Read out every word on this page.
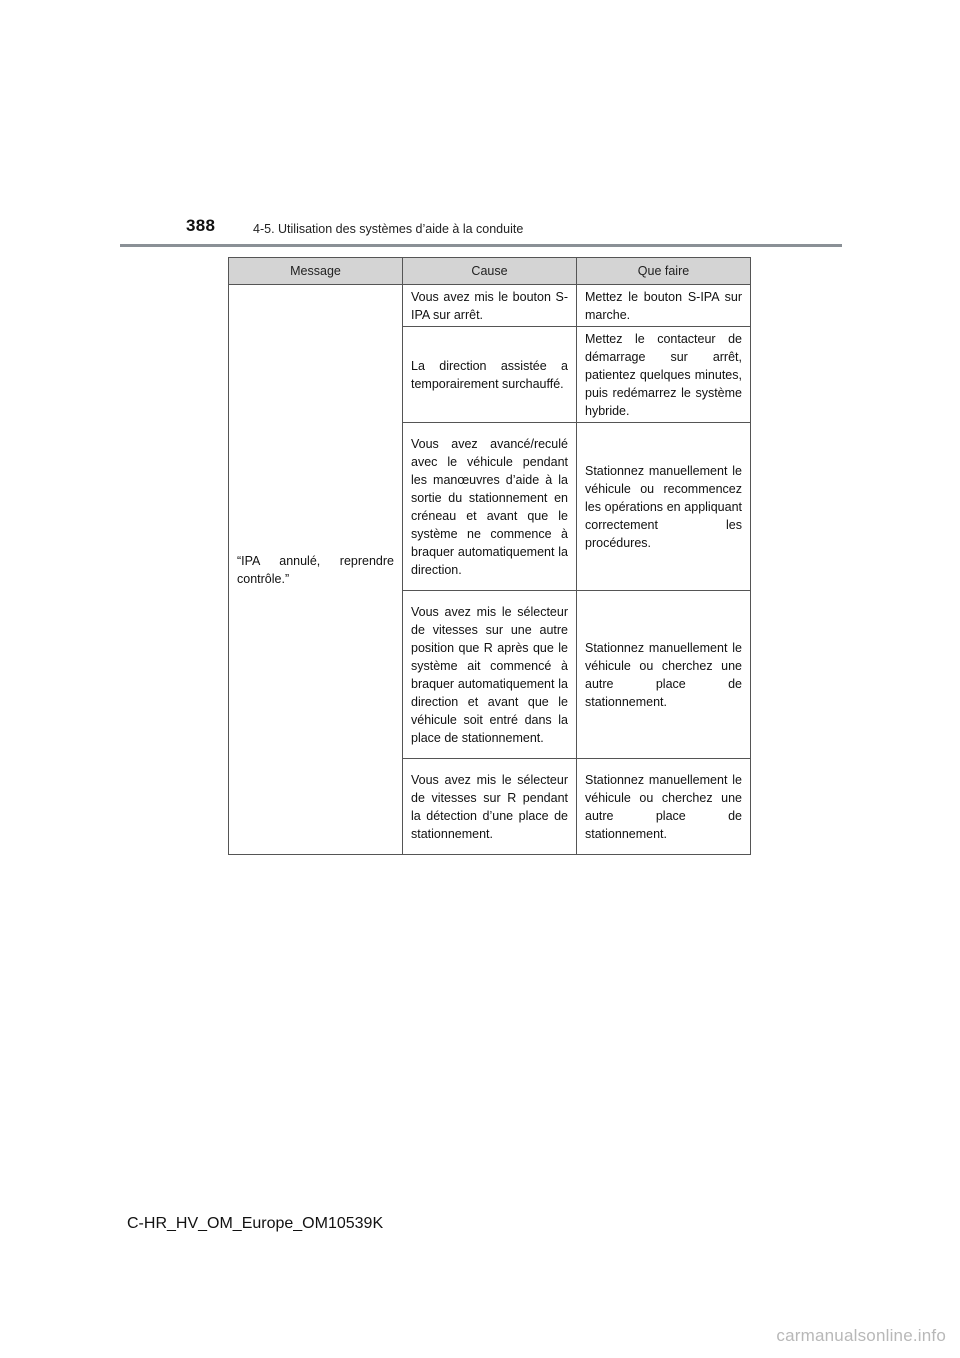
388	4-5. Utilisation des systèmes d’aide à la conduite
Message	Cause	Que faire
“IPA annulé, reprendre contrôle.”	Vous avez mis le bouton S-IPA sur arrêt.	Mettez le bouton S-IPA sur marche.
	La direction assistée a temporairement surchauffé.	Mettez le contacteur de démarrage sur arrêt, patientez quelques minutes, puis redémarrez le système hybride.
	Vous avez avancé/reculé avec le véhicule pendant les manœuvres d’aide à la sortie du stationnement en créneau et avant que le système ne commence à braquer automatiquement la direction.	Stationnez manuellement le véhicule ou recommencez les opérations en appliquant correctement les procédures.
	Vous avez mis le sélecteur de vitesses sur une autre position que R après que le système ait commencé à braquer automatiquement la direction et avant que le véhicule soit entré dans la place de stationnement.	Stationnez manuellement le véhicule ou cherchez une autre place de stationnement.
	Vous avez mis le sélecteur de vitesses sur R pendant la détection d’une place de stationnement.	Stationnez manuellement le véhicule ou cherchez une autre place de stationnement.
C-HR_HV_OM_Europe_OM10539K
carmanualsonline.info
